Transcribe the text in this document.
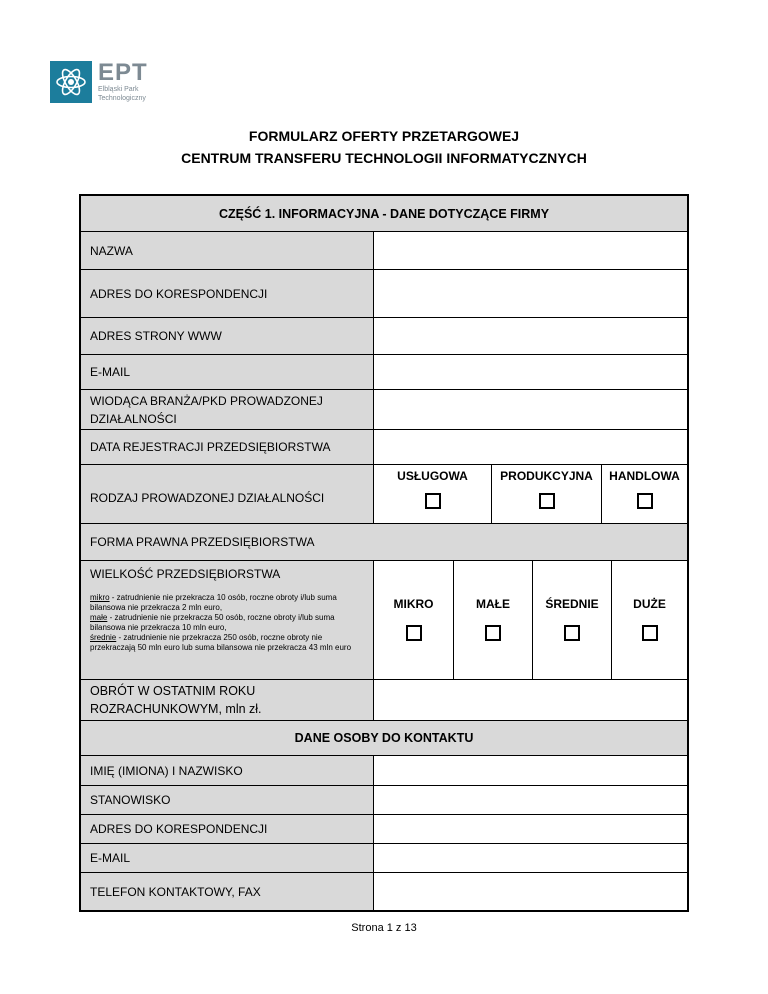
EPT
Elbląski Park
Technologiczny
FORMULARZ OFERTY PRZETARGOWEJ
CENTRUM TRANSFERU TECHNOLOGII INFORMATYCZNYCH
CZĘŚĆ 1. INFORMACYJNA - DANE DOTYCZĄCE FIRMY
NAZWA
ADRES DO KORESPONDENCJI
ADRES STRONY WWW
E-MAIL
WIODĄCA BRANŻA/PKD PROWADZONEJ DZIAŁALNOŚCI
DATA REJESTRACJI PRZEDSIĘBIORSTWA
RODZAJ PROWADZONEJ DZIAŁALNOŚCI
USŁUGOWA	PRODUKCYJNA	HANDLOWA
FORMA PRAWNA PRZEDSIĘBIORSTWA
WIELKOŚĆ PRZEDSIĘBIORSTWA
mikro - zatrudnienie nie przekracza 10 osób, roczne obroty i/lub suma bilansowa nie przekracza 2 mln euro,
małe - zatrudnienie nie przekracza 50 osób, roczne obroty i/lub suma bilansowa nie przekracza 10 mln euro,
średnie - zatrudnienie nie przekracza 250 osób, roczne obroty nie przekraczają 50 mln euro lub suma bilansowa nie przekracza 43 mln euro
MIKRO	MAŁE	ŚREDNIE	DUŻE
OBRÓT W OSTATNIM ROKU ROZRACHUNKOWYM, mln zł.
DANE OSOBY DO KONTAKTU
IMIĘ (IMIONA) I NAZWISKO
STANOWISKO
ADRES DO KORESPONDENCJI
E-MAIL
TELEFON KONTAKTOWY, FAX
Strona 1 z 13
